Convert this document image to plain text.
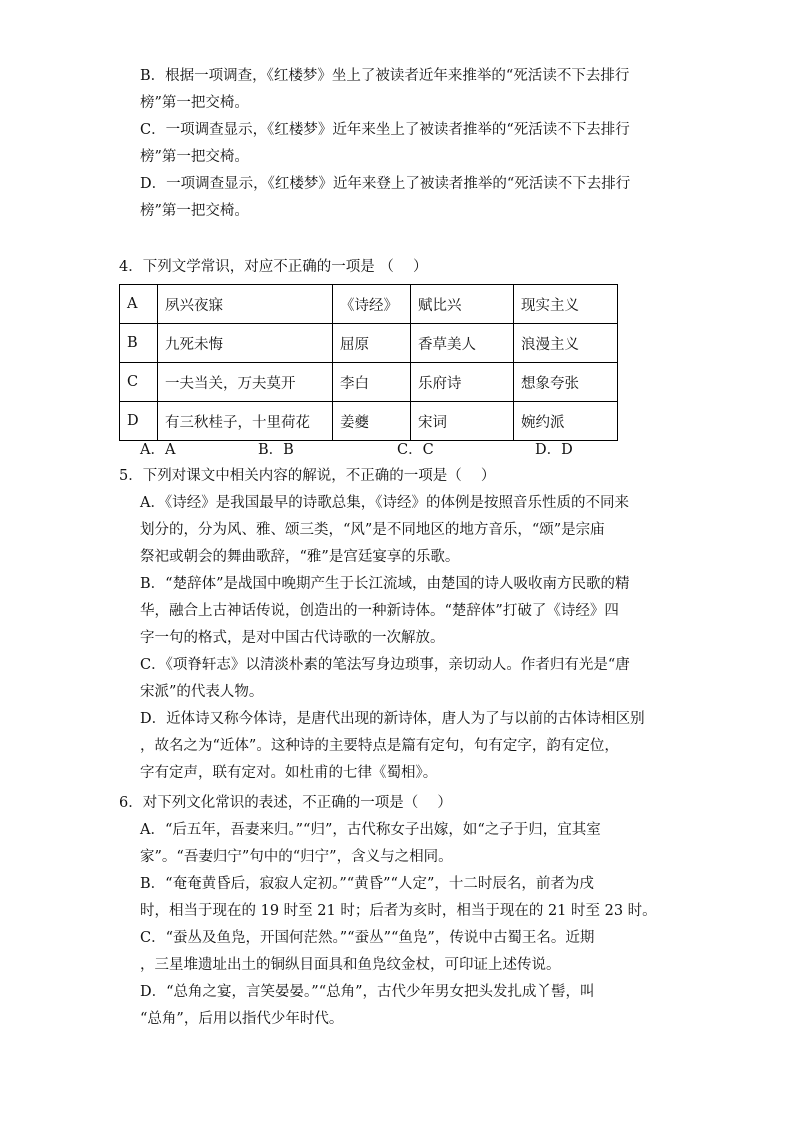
B．根据一项调查，《红楼梦》坐上了被读者近年来推举的“死活读不下去排行
榜”第一把交椅。
C．一项调查显示，《红楼梦》近年来坐上了被读者推举的“死活读不下去排行
榜”第一把交椅。
D．一项调查显示，《红楼梦》近年来登上了被读者推举的“死活读不下去排行
榜”第一把交椅。
4．下列文学常识，对应不正确的一项是 （　 ）
A	夙兴夜寐	《诗经》	赋比兴	现实主义
B	九死未悔	屈原	香草美人	浪漫主义
C	一夫当关，万夫莫开	李白	乐府诗	想象夸张
D	有三秋桂子，十里荷花	姜夔	宋词	婉约派
A．A	B．B	C．C	D．D
5．下列对课文中相关内容的解说，不正确的一项是（　 ）
A．《诗经》是我国最早的诗歌总集，《诗经》的体例是按照音乐性质的不同来
划分的，分为风、雅、颂三类，“风”是不同地区的地方音乐，“颂”是宗庙
祭祀或朝会的舞曲歌辞，“雅”是宫廷宴享的乐歌。
B．“楚辞体”是战国中晚期产生于长江流域，由楚国的诗人吸收南方民歌的精
华，融合上古神话传说，创造出的一种新诗体。“楚辞体”打破了《诗经》四
字一句的格式，是对中国古代诗歌的一次解放。
C．《项脊轩志》以清淡朴素的笔法写身边琐事，亲切动人。作者归有光是“唐
宋派”的代表人物。
D．近体诗又称今体诗，是唐代出现的新诗体，唐人为了与以前的古体诗相区别
，故名之为“近体”。这种诗的主要特点是篇有定句，句有定字，韵有定位，
字有定声，联有定对。如杜甫的七律《蜀相》。
6．对下列文化常识的表述，不正确的一项是（　 ）
A．“后五年，吾妻来归。”“归”，古代称女子出嫁，如“之子于归，宜其室
家”。“吾妻归宁”句中的“归宁”，含义与之相同。
B．“奄奄黄昏后，寂寂人定初。”“黄昏”“人定”，十二时辰名，前者为戌
时，相当于现在的 19 时至 21 时；后者为亥时，相当于现在的 21 时至 23 时。
C．“蚕丛及鱼凫，开国何茫然。”“蚕丛”“鱼凫”，传说中古蜀王名。近期
，三星堆遗址出土的铜纵目面具和鱼凫纹金杖，可印证上述传说。
D．“总角之宴，言笑晏晏。”“总角”，古代少年男女把头发扎成丫髻，叫
“总角”，后用以指代少年时代。
